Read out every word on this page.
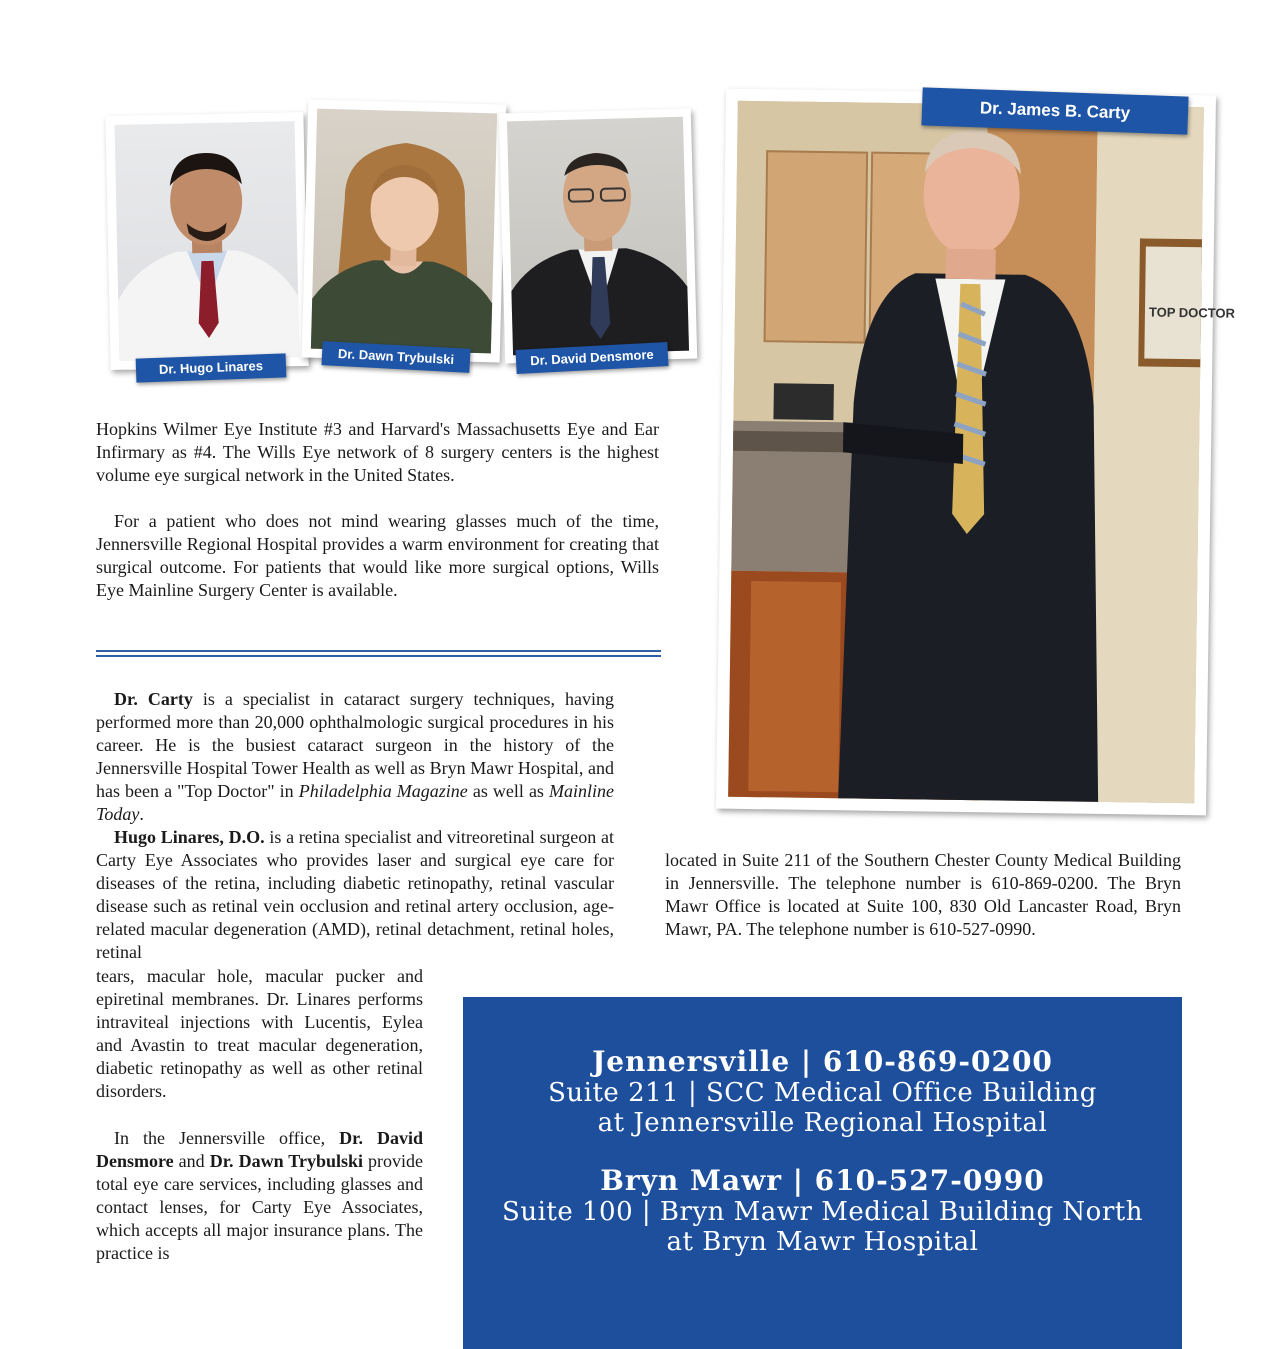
Dr. Hugo Linares
Dr. Dawn Trybulski	Dr. David Densmore
TOP DOCTOR
Dr. James B. Carty

Hopkins Wilmer Eye Institute #3 and Harvard's Massachusetts Eye and Ear Infirmary as #4. The Wills Eye network of 8 surgery centers is the highest volume eye surgical network in the United States.

For a patient who does not mind wearing glasses much of the time, Jennersville Regional Hospital provides a warm environment for creating that surgical outcome. For patients that would like more surgical options, Wills Eye Mainline Surgery Center is available.

Dr. Carty is a specialist in cataract surgery techniques, having performed more than 20,000 ophthalmologic surgical procedures in his career. He is the busiest cataract surgeon in the history of the Jennersville Hospital Tower Health as well as Bryn Mawr Hospital, and has been a "Top Doctor" in Philadelphia Magazine as well as Mainline Today.

Hugo Linares, D.O. is a retina specialist and vitreoretinal surgeon at Carty Eye Associates who provides laser and surgical eye care for diseases of the retina, including diabetic retinopathy, retinal vascular disease such as retinal vein occlusion and retinal artery occlusion, age-related macular degeneration (AMD), retinal detachment, retinal holes, retinal

tears, macular hole, macular pucker and epiretinal membranes. Dr. Linares performs intraviteal injections with Lucentis, Eylea and Avastin to treat macular degeneration, diabetic retinopathy as well as other retinal disorders.

In the Jennersville office, Dr. David Densmore and Dr. Dawn Trybulski provide total eye care services, including glasses and contact lenses, for Carty Eye Associates, which accepts all major insurance plans. The practice is

located in Suite 211 of the Southern Chester County Medical Building in Jennersville. The telephone number is 610-869-0200. The Bryn Mawr Office is located at Suite 100, 830 Old Lancaster Road, Bryn Mawr, PA. The telephone number is 610-527-0990.

Jennersville | 610-869-0200
Suite 211 | SCC Medical Office Building
at Jennersville Regional Hospital
Bryn Mawr | 610-527-0990
Suite 100 | Bryn Mawr Medical Building North
at Bryn Mawr Hospital
